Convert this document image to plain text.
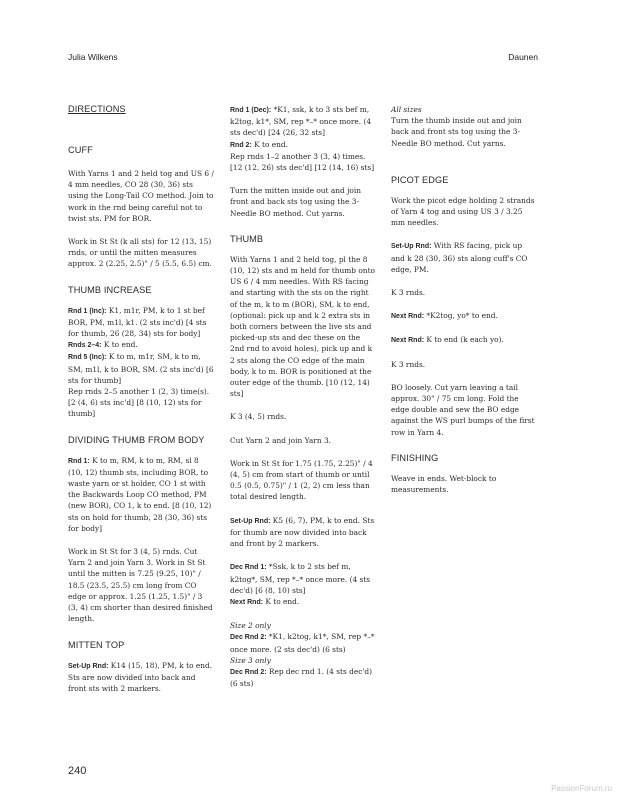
Julia Wilkens	Daunen
DIRECTIONS
CUFF

With Yarns 1 and 2 held tog and US 6 / 4 mm needles, CO 28 (30, 36) sts using the Long-Tail CO method. Join to work in the rnd being careful not to twist sts. PM for BOR.

Work in St St (k all sts) for 12 (13, 15) rnds, or until the mitten measures approx. 2 (2.25, 2.5)" / 5 (5.5, 6.5) cm.

THUMB INCREASE

Rnd 1 (Inc): K1, m1r, PM, k to 1 st bef BOR, PM, m1l, k1. (2 sts inc'd) [4 sts for thumb, 26 (28, 34) sts for body]
Rnds 2–4: K to end.
Rnd 5 (Inc): K to m, m1r, SM, k to m, SM, m1l, k to BOR, SM. (2 sts inc'd) [6 sts for thumb]

Rep rnds 2–5 another 1 (2, 3) time(s).[2 (4, 6) sts inc'd] [8 (10, 12) sts for thumb]

DIVIDING THUMB FROM BODY

Rnd 1: K to m, RM, k to m, RM, sl 8 (10, 12) thumb sts, including BOR, to waste yarn or st holder, CO 1 st with the Backwards Loop CO method, PM (new BOR), CO 1, k to end. [8 (10, 12) sts on hold for thumb, 28 (30, 36) sts for body]

Work in St St for 3 (4, 5) rnds. Cut Yarn 2 and join Yarn 3. Work in St St until the mitten is 7.25 (9.25, 10)" / 18.5 (23.5, 25.5) cm long from CO edge or approx. 1.25 (1.25, 1.5)" / 3 (3, 4) cm shorter than desired finished length.

MITTEN TOP

Set-Up Rnd: K14 (15, 18), PM, k to end. Sts are now divided into back and front sts with 2 markers.

Rnd 1 (Dec): *K1, ssk, k to 3 sts bef m, k2tog, k1*, SM, rep *–* once more. (4 sts dec'd) [24 (26, 32 sts]
Rnd 2: K to end.

Rep rnds 1–2 another 3 (3, 4) times. [12 (12, 26) sts dec'd] [12 (14, 16) sts]

Turn the mitten inside out and join front and back sts tog using the 3-Needle BO method. Cut yarns.

THUMB

With Yarns 1 and 2 held tog, pl the 8 (10, 12) sts and m held for thumb onto US 6 / 4 mm needles. With RS facing and starting with the sts on the right of the m, k to m (BOR), SM, k to end, (optional: pick up and k 2 extra sts in both corners between the live sts and picked-up sts and dec these on the 2nd rnd to avoid holes), pick up and k 2 sts along the CO edge of the main body, k to m. BOR is positioned at the outer edge of the thumb. [10 (12, 14) sts]

K 3 (4, 5) rnds.

Cut Yarn 2 and join Yarn 3.

Work in St St for 1.75 (1.75, 2.25)" / 4 (4, 5) cm from start of thumb or until 0.5 (0.5, 0.75)" / 1 (2, 2) cm less than total desired length.

Set-Up Rnd: K5 (6, 7), PM, k to end. Sts for thumb are now divided into back and front by 2 markers.

Dec Rnd 1: *Ssk, k to 2 sts bef m, k2tog*, SM, rep *–* once more. (4 sts dec'd) [6 (8, 10) sts]
Next Rnd: K to end.

Size 2 only
Dec Rnd 2: *K1, k2tog, k1*, SM, rep *–* once more. (2 sts dec'd) (6 sts)
Size 3 only
Dec Rnd 2: Rep dec rnd 1. (4 sts dec'd) (6 sts)

All sizes
Turn the thumb inside out and join back and front sts tog using the 3-Needle BO method. Cut yarns.

PICOT EDGE

Work the picot edge holding 2 strands of Yarn 4 tog and using US 3 / 3.25 mm needles.

Set-Up Rnd: With RS facing, pick up and k 28 (30, 36) sts along cuff's CO edge, PM.

K 3 rnds.

Next Rnd: *K2tog, yo* to end.

Next Rnd: K to end (k each yo).

K 3 rnds.

BO loosely. Cut yarn leaving a tail approx. 30" / 75 cm long. Fold the edge double and sew the BO edge against the WS purl bumps of the first row in Yarn 4.

FINISHING

Weave in ends. Wet-block to measurements.

240
PassionForum.ru
